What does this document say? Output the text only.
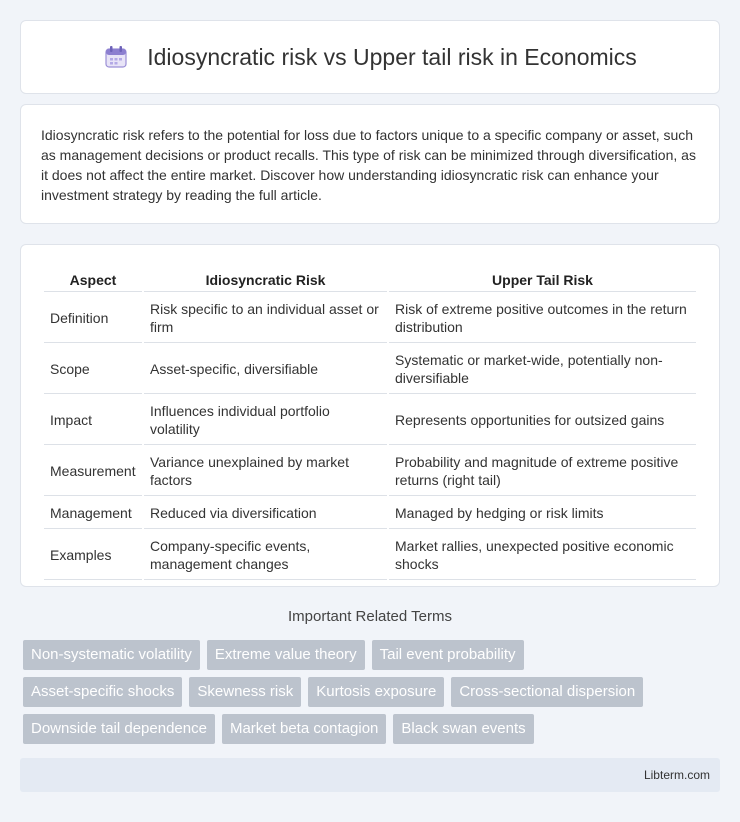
Idiosyncratic risk vs Upper tail risk in Economics

Idiosyncratic risk refers to the potential for loss due to factors unique to a specific company or asset, such as management decisions or product recalls. This type of risk can be minimized through diversification, as it does not affect the entire market. Discover how understanding idiosyncratic risk can enhance your investment strategy by reading the full article.

Aspect	Idiosyncratic Risk	Upper Tail Risk
Definition	Risk specific to an individual asset or firm	Risk of extreme positive outcomes in the return distribution
Scope	Asset-specific, diversifiable	Systematic or market-wide, potentially non-diversifiable
Impact	Influences individual portfolio volatility	Represents opportunities for outsized gains
Measurement	Variance unexplained by market factors	Probability and magnitude of extreme positive returns (right tail)
Management	Reduced via diversification	Managed by hedging or risk limits
Examples	Company-specific events, management changes	Market rallies, unexpected positive economic shocks
Important Related Terms
Non-systematic volatility	Extreme value theory	Tail event probability
Asset-specific shocks	Skewness risk	Kurtosis exposure	Cross-sectional dispersion
Downside tail dependence	Market beta contagion	Black swan events
Libterm.com
